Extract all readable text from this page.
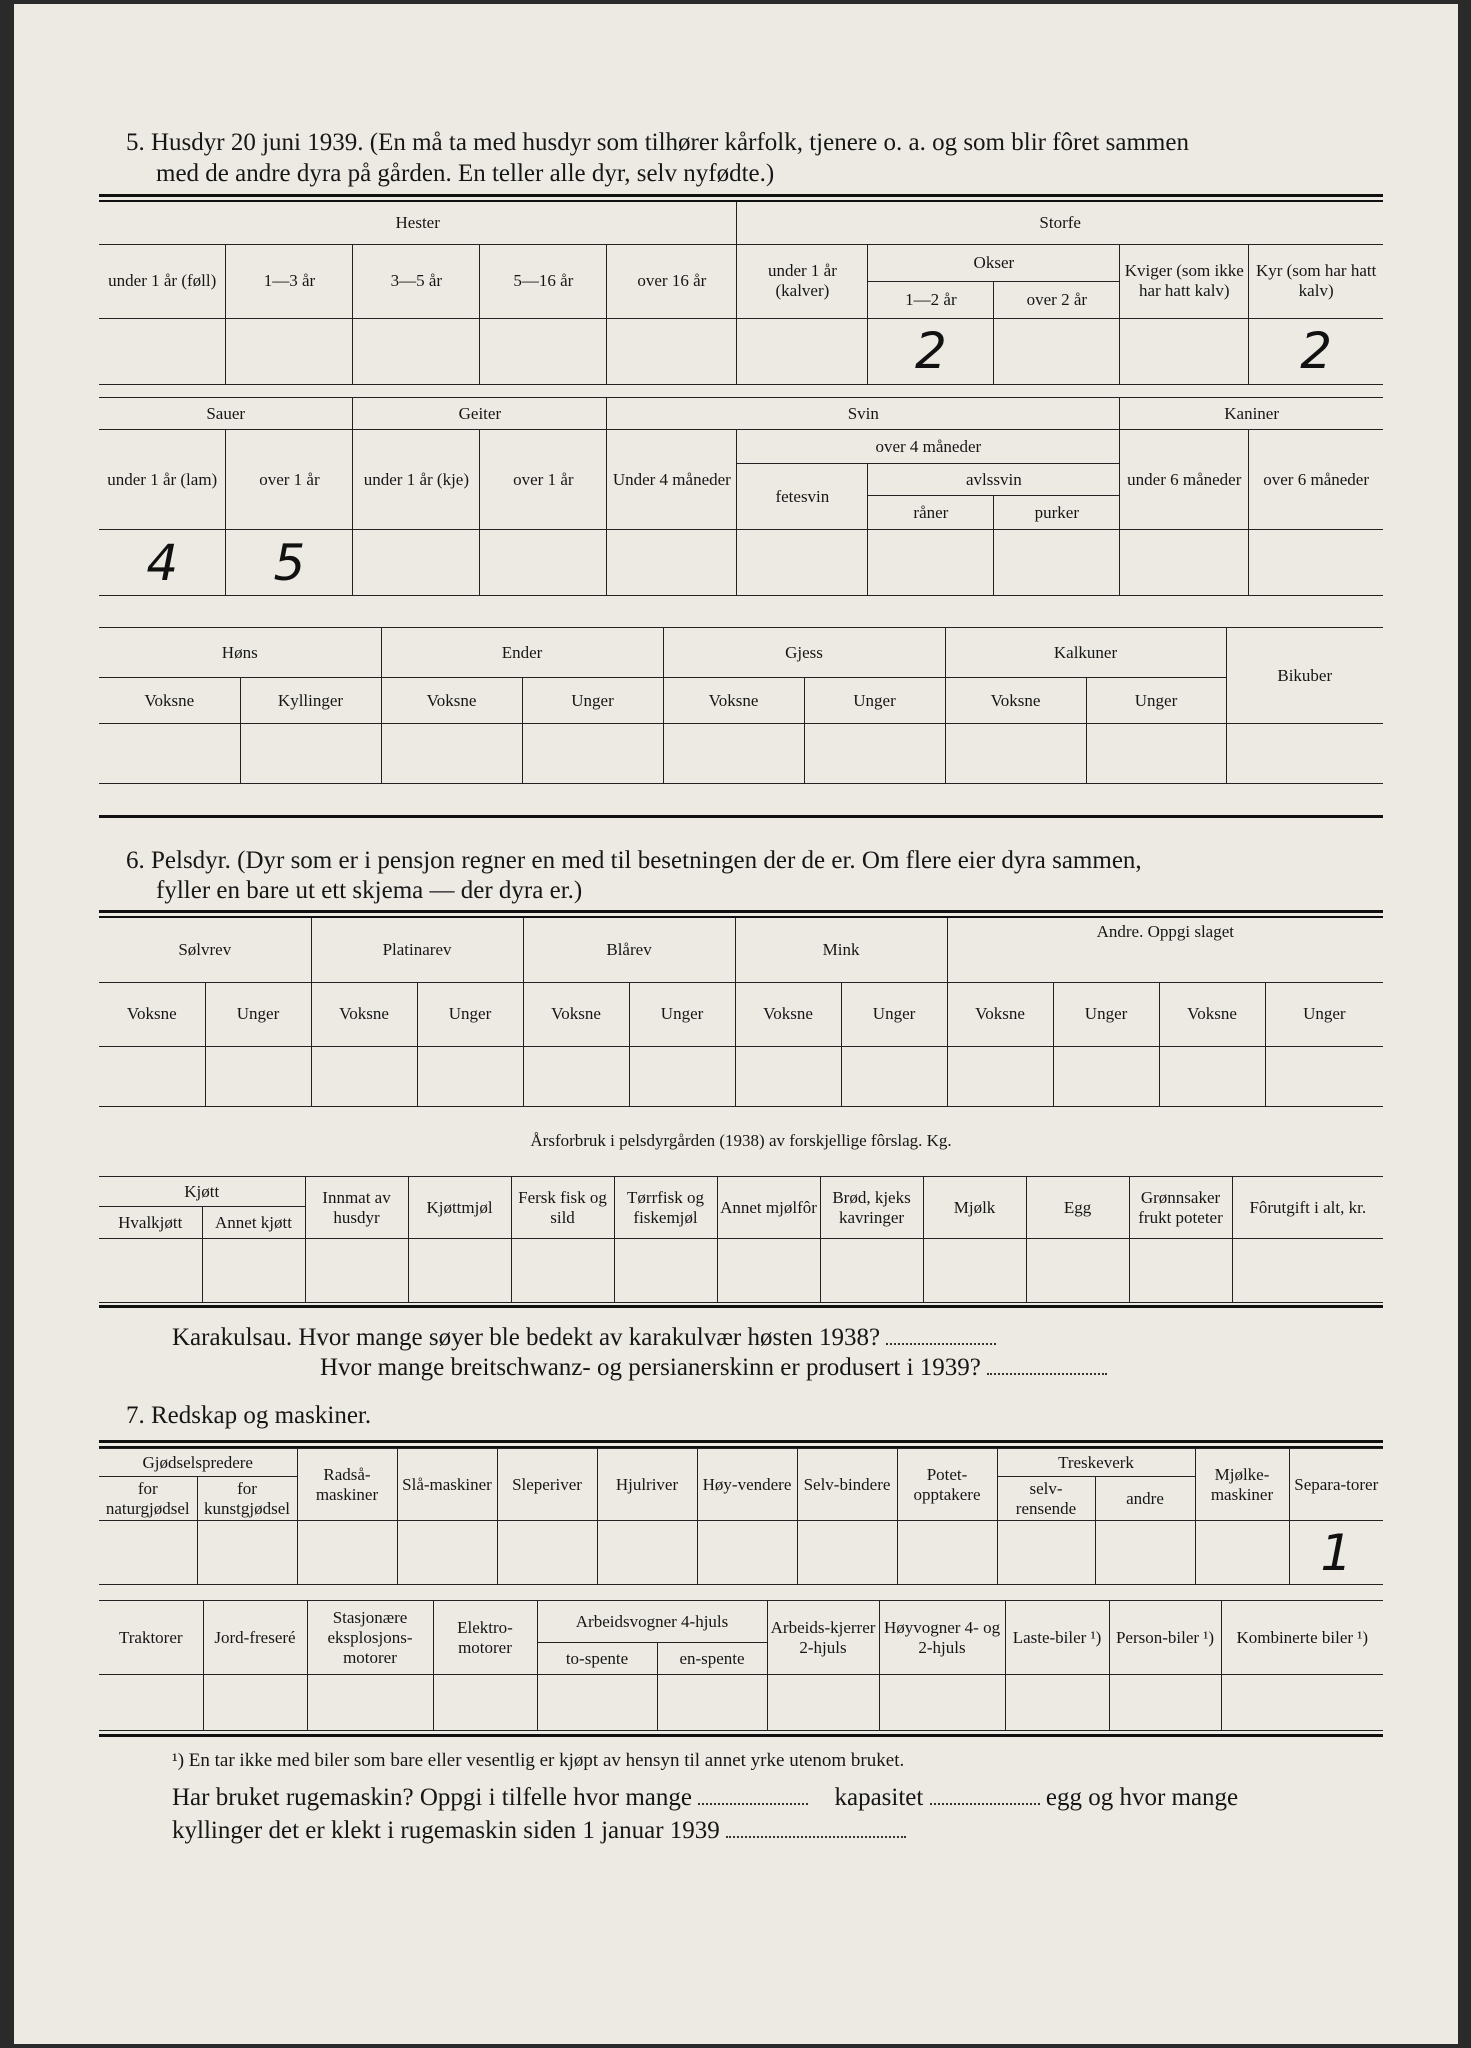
5. Husdyr 20 juni 1939. (En må ta med husdyr som tilhører kårfolk, tjenere o. a. og som blir fôret sammen
med de andre dyra på gården. En teller alle dyr, selv nyfødte.)
Hester					Storfe				
under 1 år (føll)	1—3 år	3—5 år	5—16 år	over 16 år	under 1 år (kalver)	Okser		Kviger (som ikke har hatt kalv)	Kyr (som har hatt kalv)
						1—2 år	over 2 år		
						2			2
Sauer		Geiter		Svin				Kaniner	
under 1 år (lam)	over 1 år	under 1 år (kje)	over 1 år	Under 4 måneder	over 4 måneder			under 6 måneder	over 6 måneder
					fetesvin	avlssvin			
						råner	purker		
4	5								
Høns		Ender		Gjess		Kalkuner		Bikuber
Voksne	Kyllinger	Voksne	Unger	Voksne	Unger	Voksne	Unger	

6. Pelsdyr. (Dyr som er i pensjon regner en med til besetningen der de er. Om flere eier dyra sammen,
fyller en bare ut ett skjema — der dyra er.)
Sølvrev		Platinarev		Blårev		Mink		Andre. Oppgi slaget			
Voksne	Unger	Voksne	Unger	Voksne	Unger	Voksne	Unger	Voksne	Unger	Voksne	Unger

Årsforbruk i pelsdyrgården (1938) av forskjellige fôrslag. Kg.											
Kjøtt		Innmat av husdyr	Kjøttmjøl	Fersk fisk og sild	Tørrfisk og fiskemjøl	Annet mjølfôr	Brød, kjeks kavringer	Mjølk	Egg	Grønnsaker frukt poteter	Fôrutgift i alt, kr.
Hvalkjøtt	Annet kjøtt										

Karakulsau. Hvor mange søyer ble bedekt av karakulvær høsten 1938?
Hvor mange breitschwanz- og persianerskinn er produsert i 1939?
7. Redskap og maskiner.
Gjødselspredere		Radså-maskiner	Slå-maskiner	Sleperiver	Hjulriver	Høy-vendere	Selv-bindere	Potet-opptakere	Treskeverk		Mjølke-maskiner	Separa-torer
for naturgjødsel	for kunstgjødsel								selv-rensende	andre		
												1
Traktorer	Jord-freseré	Stasjonære eksplosjons-motorer	Elektro-motorer	Arbeidsvogner 4-hjuls		Arbeids-kjerrer 2-hjuls	Høyvogner 4- og 2-hjuls	Laste-biler ¹)	Person-biler ¹)	Kombinerte biler ¹)
				to-spente	en-spente					

¹) En tar ikke med biler som bare eller vesentlig er kjøpt av hensyn til annet yrke utenom bruket.
Har bruket rugemaskin? Oppgi i tilfelle hvor mange	kapasitet	egg og hvor mange
kyllinger det er klekt i rugemaskin siden 1 januar 1939
